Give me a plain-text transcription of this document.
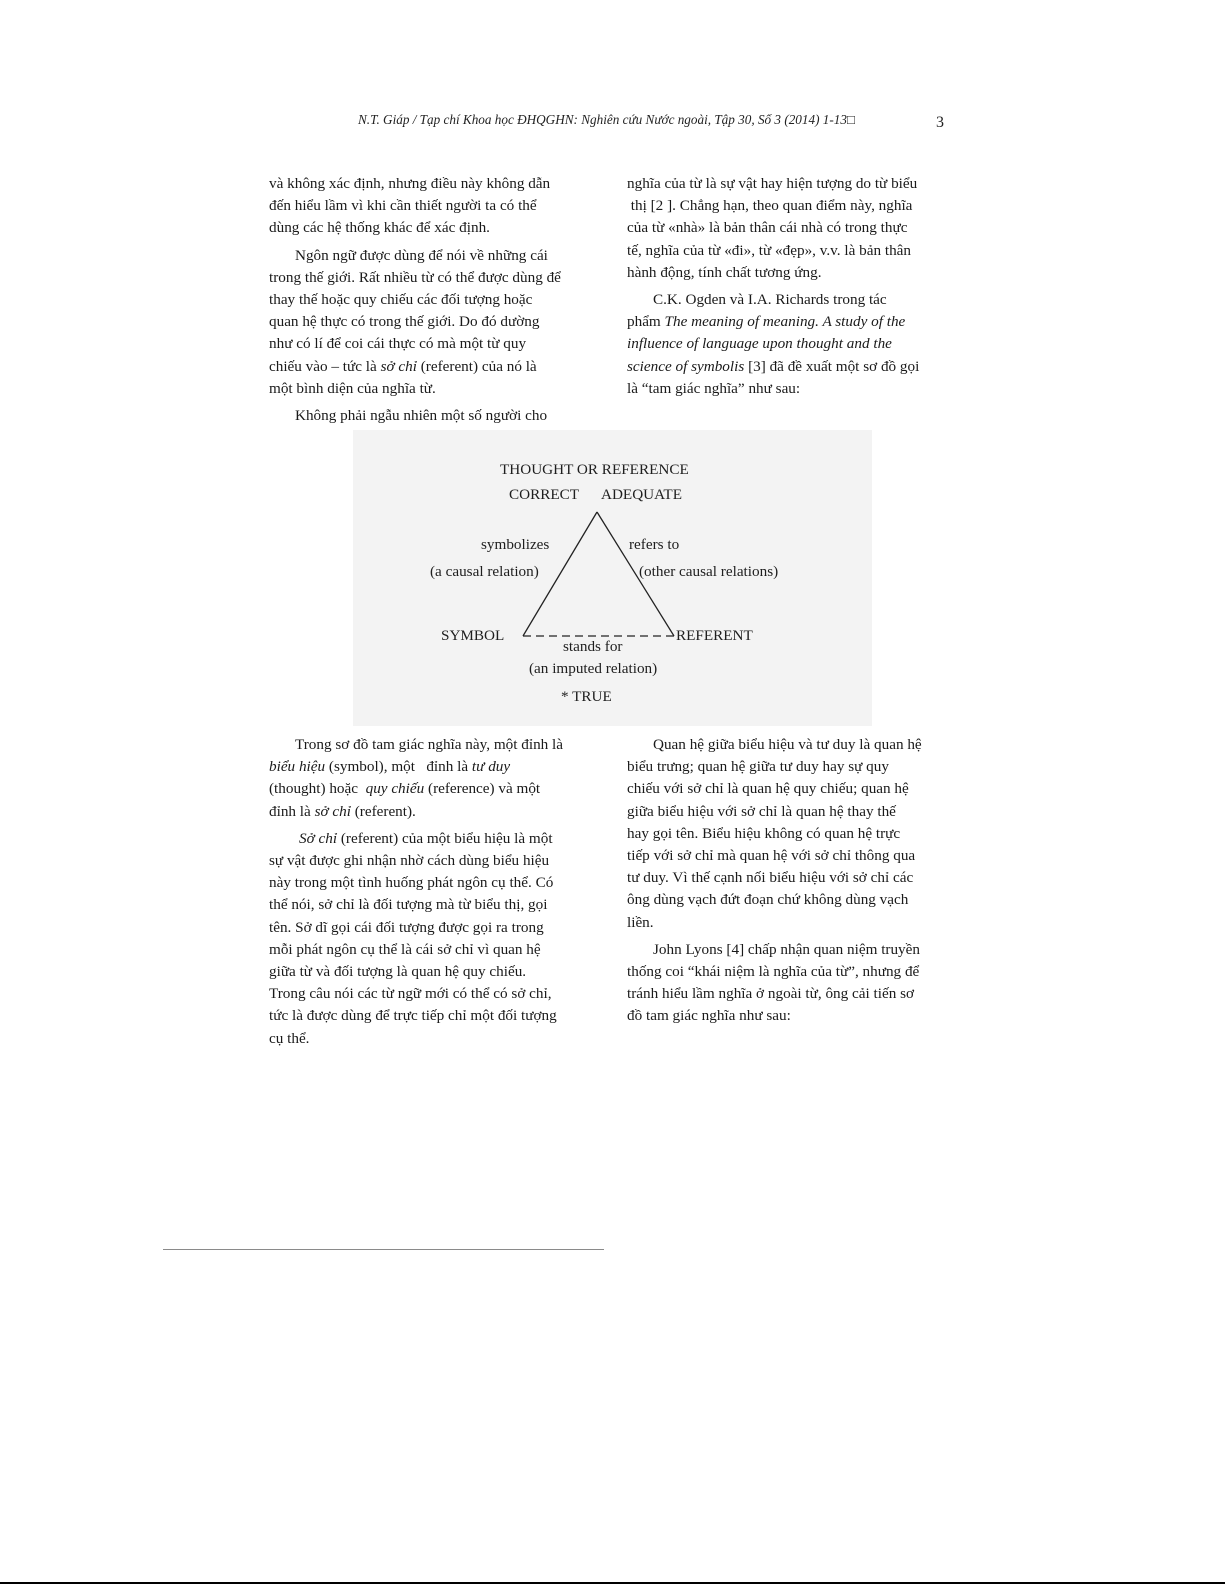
N.T. Giáp / Tạp chí Khoa học ĐHQGHN: Nghiên cứu Nước ngoài, Tập 30, Số 3 (2014) 1-13□	3

và không xác định, nhưng điều này không dẫn
đến hiểu lầm vì khi cần thiết người ta có thể
dùng các hệ thống khác để xác định.

Ngôn ngữ được dùng để nói về những cái
trong thế giới. Rất nhiều từ có thể được dùng để
thay thế hoặc quy chiếu các đối tượng hoặc
quan hệ thực có trong thế giới. Do đó dường
như có lí để coi cái thực có mà một từ quy
chiếu vào – tức là sở chỉ (referent) của nó là
một bình diện của nghĩa từ.

Không phải ngẫu nhiên một số người cho

nghĩa của từ là sự vật hay hiện tượng do từ biểu
thị [2 ]. Chẳng hạn, theo quan điểm này, nghĩa
của từ «nhà» là bản thân cái nhà có trong thực
tế, nghĩa của từ «đi», từ «đẹp», v.v. là bản thân
hành động, tính chất tương ứng.

C.K. Ogden và I.A. Richards trong tác
phẩm The meaning of meaning. A study of the
influence of language upon thought and the
science of symbolis [3] đã đề xuất một sơ đồ gọi
là “tam giác nghĩa” như sau:

THOUGHT OR REFERENCE
CORRECT ADEQUATE
symbolizes
(a causal relation)
refers to
(other causal relations)
SYMBOL	REFERENT
stands for
(an imputed relation)
* TRUE

Trong sơ đồ tam giác nghĩa này, một đỉnh là
biểu hiệu (symbol), một   đỉnh là tư duy
(thought) hoặc  quy chiếu (reference) và một
đỉnh là sở chỉ (referent).

Sở chỉ (referent) của một biểu hiệu là một
sự vật được ghi nhận nhờ cách dùng biểu hiệu
này trong một tình huống phát ngôn cụ thể. Có
thể nói, sở chỉ là đối tượng mà từ biểu thị, gọi
tên. Sở dĩ gọi cái đối tượng được gọi ra trong
mỗi phát ngôn cụ thể là cái sở chỉ vì quan hệ
giữa từ và đối tượng là quan hệ quy chiếu.
Trong câu nói các từ ngữ mới có thể có sở chỉ,
tức là được dùng để trực tiếp chỉ một đối tượng
cụ thể.

Quan hệ giữa biểu hiệu và tư duy là quan hệ
biểu trưng; quan hệ giữa tư duy hay sự quy
chiếu với sở chỉ là quan hệ quy chiếu; quan hệ
giữa biểu hiệu với sở chỉ là quan hệ thay thế
hay gọi tên. Biểu hiệu không có quan hệ trực
tiếp với sở chỉ mà quan hệ với sở chỉ thông qua
tư duy. Vì thế cạnh nối biểu hiệu với sở chỉ các
ông dùng vạch đứt đoạn chứ không dùng vạch
liền.

John Lyons [4] chấp nhận quan niệm truyền
thống coi “khái niệm là nghĩa của từ”, nhưng để
tránh hiểu lầm nghĩa ở ngoài từ, ông cải tiến sơ
đồ tam giác nghĩa như sau:
